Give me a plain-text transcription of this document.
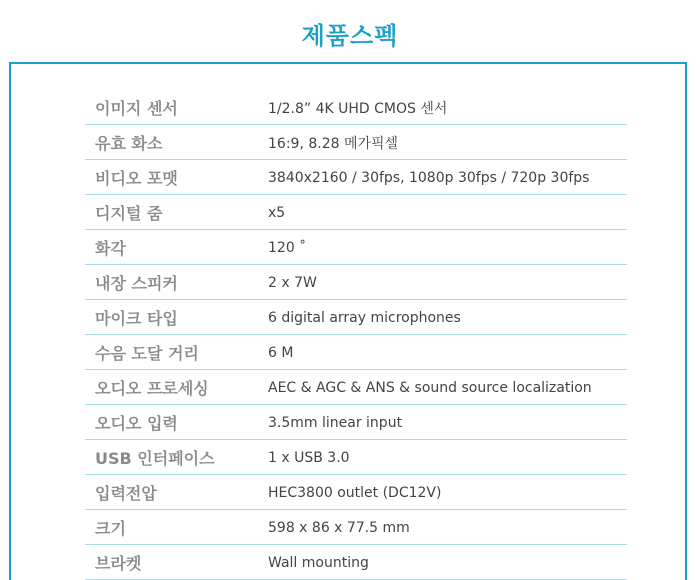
제품스펙
이미지 센서	1/2.8” 4K UHD CMOS 센서
유효 화소	16:9, 8.28 메가픽셀
비디오 포맷	3840x2160 / 30fps, 1080p 30fps / 720p 30fps
디지털 줌	x5
화각	120 ˚
내장 스피커	2 x 7W
마이크 타입	6 digital array microphones
수음 도달 거리	6 M
오디오 프로세싱	AEC & AGC & ANS & sound source localization
오디오 입력	3.5mm linear input
USB 인터페이스	1 x USB 3.0
입력전압	HEC3800 outlet (DC12V)
크기	598 x 86 x 77.5 mm
브라켓	Wall mounting
